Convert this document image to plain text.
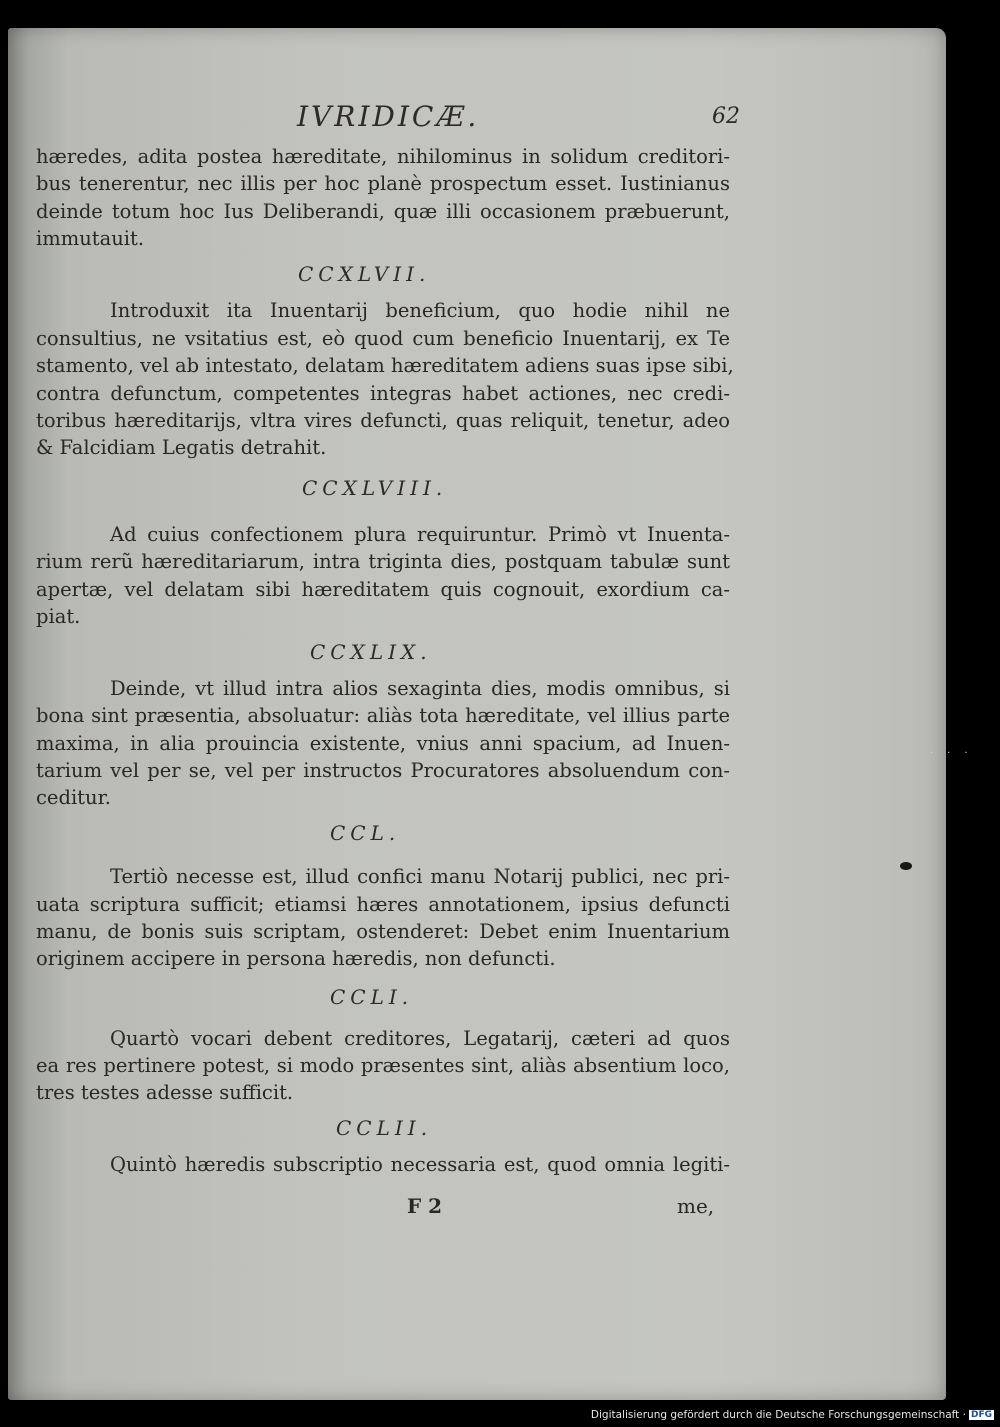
IVRIDICÆ.	62
hæredes, adita postea hæreditate, nihilominus in solidum creditori-
bus tenerentur, nec illis per hoc planè prospectum esset. Iustinianus
deinde totum hoc Ius Deliberandi, quæ illi occasionem præbuerunt,
immutauit.
CCXLVII.
Introduxit ita Inuentarij beneficium, quo hodie nihil ne
consultius, ne vsitatius est, eò quod cum beneficio Inuentarij, ex Te
stamento, vel ab intestato, delatam hæreditatem adiens suas ipse sibi,
contra defunctum, competentes integras habet actiones, nec credi-
toribus hæreditarijs, vltra vires defuncti, quas reliquit, tenetur, adeo
& Falcidiam Legatis detrahit.
CCXLVIII.
Ad cuius confectionem plura requiruntur. Primò vt Inuenta-
rium rerũ hæreditariarum, intra triginta dies, postquam tabulæ sunt
apertæ, vel delatam sibi hæreditatem quis cognouit, exordium ca-
piat.
CCXLIX.
Deinde, vt illud intra alios sexaginta dies, modis omnibus, si
bona sint præsentia, absoluatur: aliàs tota hæreditate, vel illius parte
maxima, in alia prouincia existente, vnius anni spacium, ad Inuen-
tarium vel per se, vel per instructos Procuratores absoluendum con-
ceditur.
CCL.
Tertiò necesse est, illud confici manu Notarij publici, nec pri-
uata scriptura sufficit; etiamsi hæres annotationem, ipsius defuncti
manu, de bonis suis scriptam, ostenderet: Debet enim Inuentarium
originem accipere in persona hæredis, non defuncti.
CCLI.
Quartò vocari debent creditores, Legatarij, cæteri ad quos
ea res pertinere potest, si modo præsentes sint, aliàs absentium loco,
tres testes adesse sufficit.
CCLII.
Quintò hæredis subscriptio necessaria est, quod omnia legiti-
F 2	me,
···
Digitalisierung gefördert durch die Deutsche Forschungsgemeinschaft · DFG
